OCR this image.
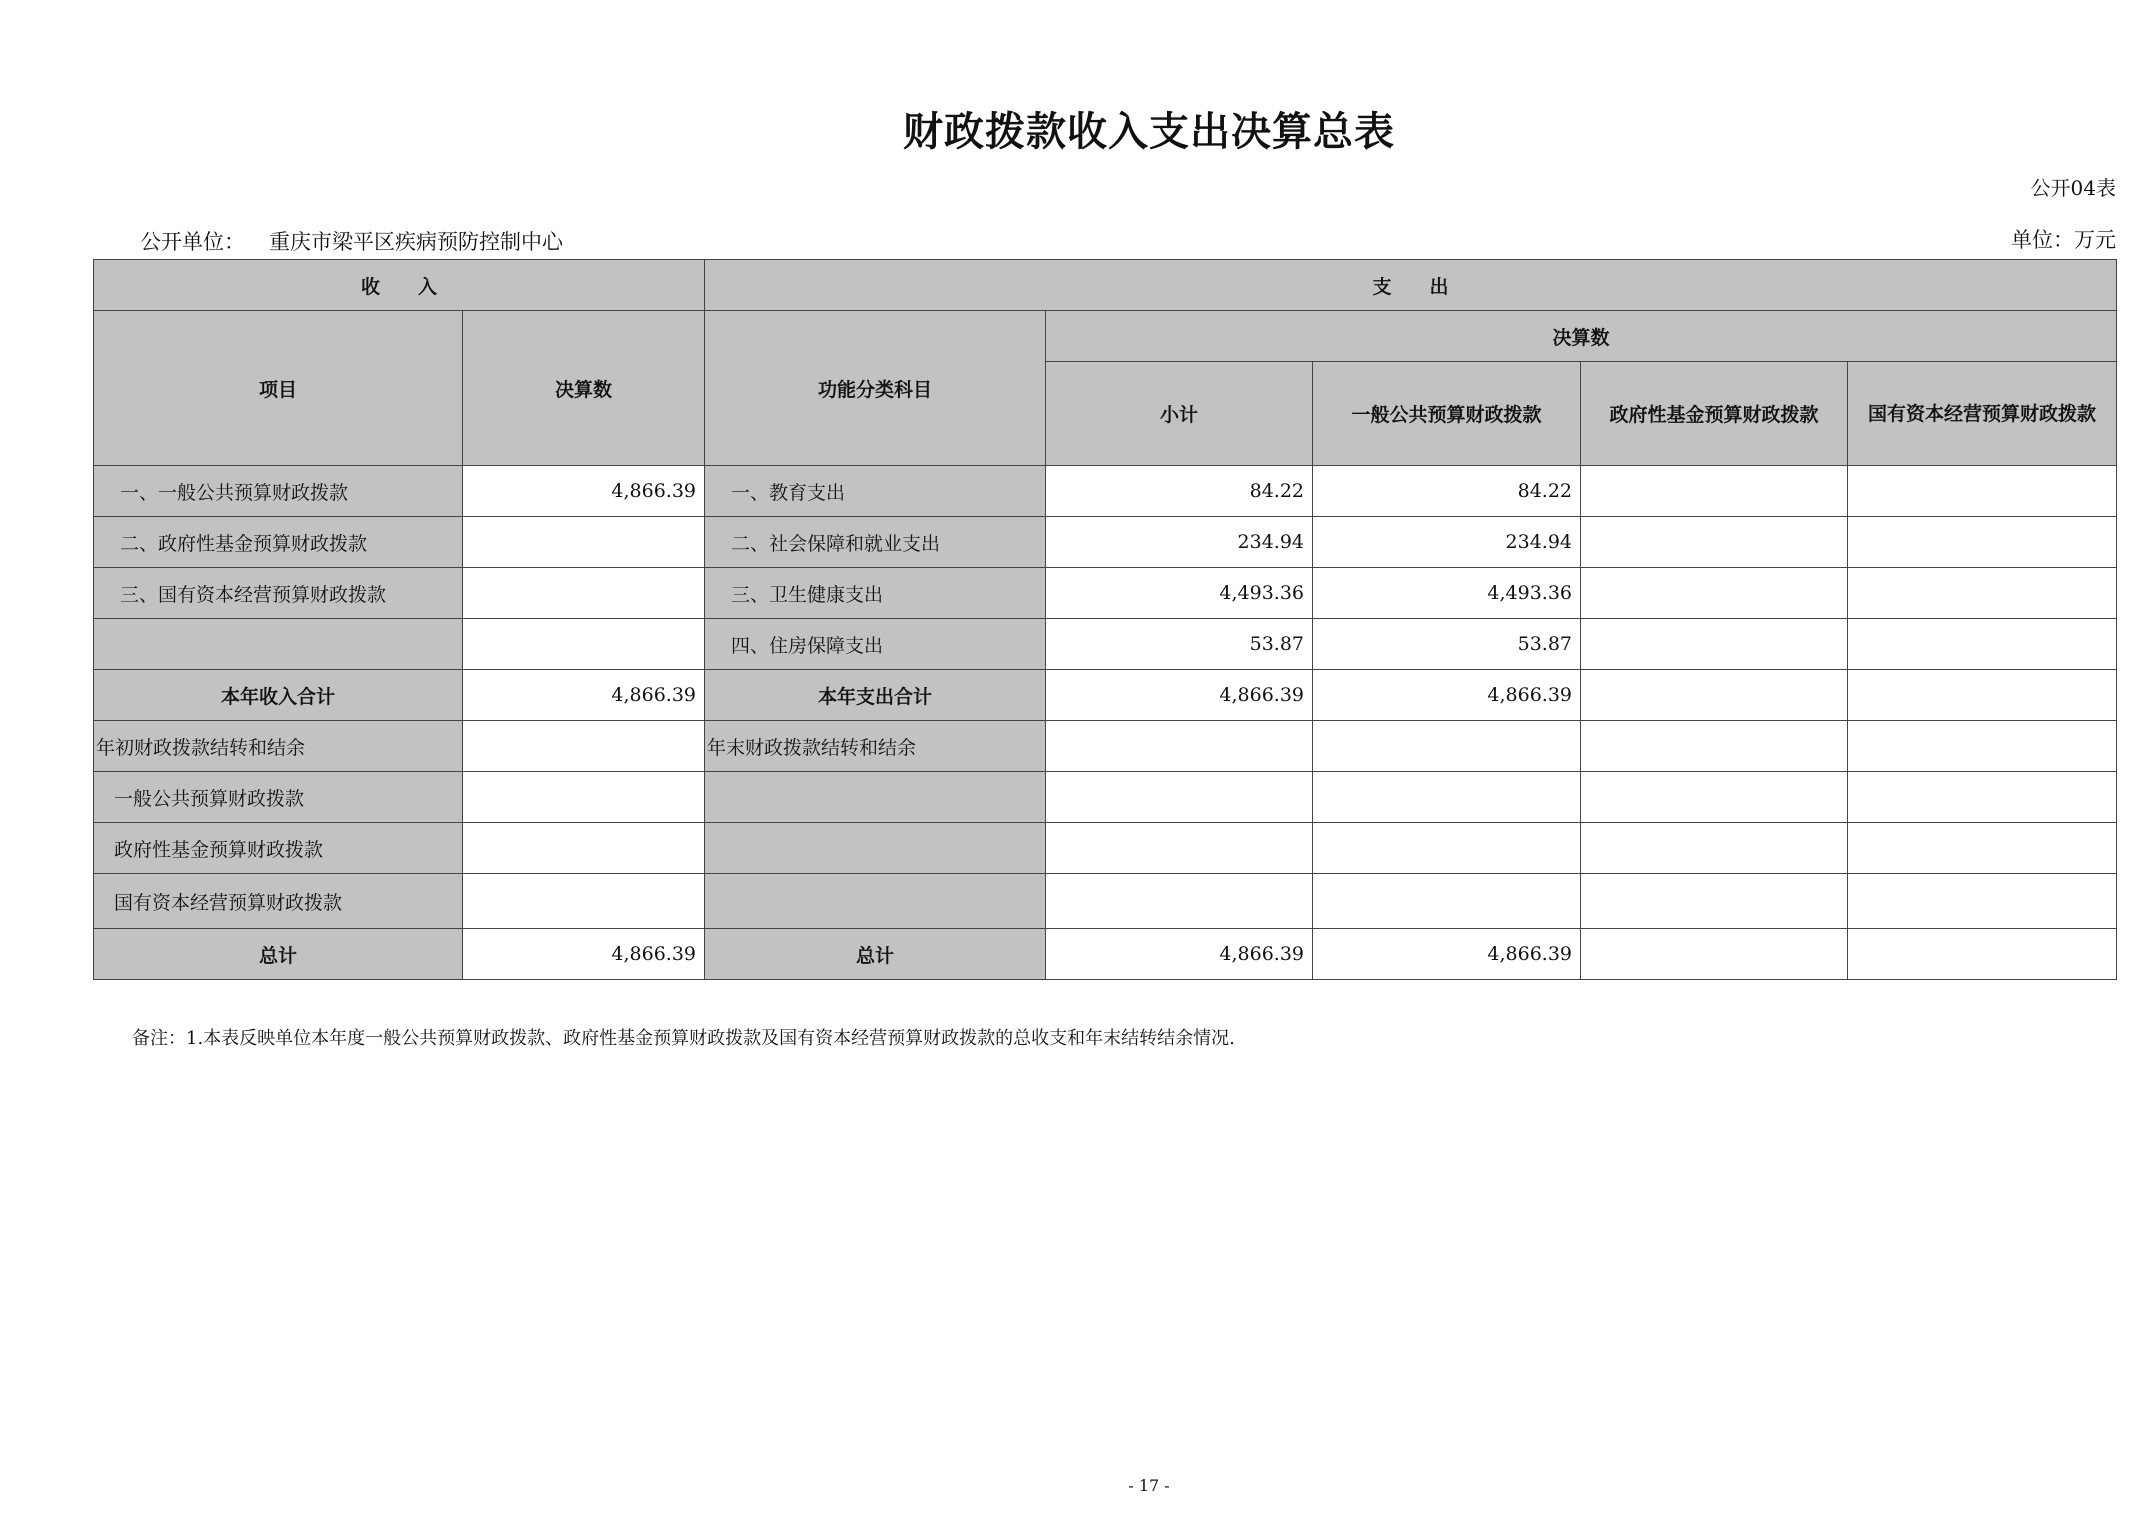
财政拨款收入支出决算总表
公开04表
公开单位： 重庆市梁平区疾病预防控制中心	单位：万元
收　　入		支　　出				
项目	决算数	功能分类科目	决算数			
			小计	一般公共预算财政拨款	政府性基金预算财政拨款	国有资本经营预算财政拨款
一、一般公共预算财政拨款	4,866.39	一、教育支出	84.22	84.22		
二、政府性基金预算财政拨款		二、社会保障和就业支出	234.94	234.94		
三、国有资本经营预算财政拨款		三、卫生健康支出	4,493.36	4,493.36		
		四、住房保障支出	53.87	53.87		
本年收入合计	4,866.39	本年支出合计	4,866.39	4,866.39		
年初财政拨款结转和结余		年末财政拨款结转和结余				
一般公共预算财政拨款						
政府性基金预算财政拨款						
国有资本经营预算财政拨款						
总计	4,866.39	总计	4,866.39	4,866.39		
备注：1.本表反映单位本年度一般公共预算财政拨款、政府性基金预算财政拨款及国有资本经营预算财政拨款的总收支和年末结转结余情况.
- 17 -
